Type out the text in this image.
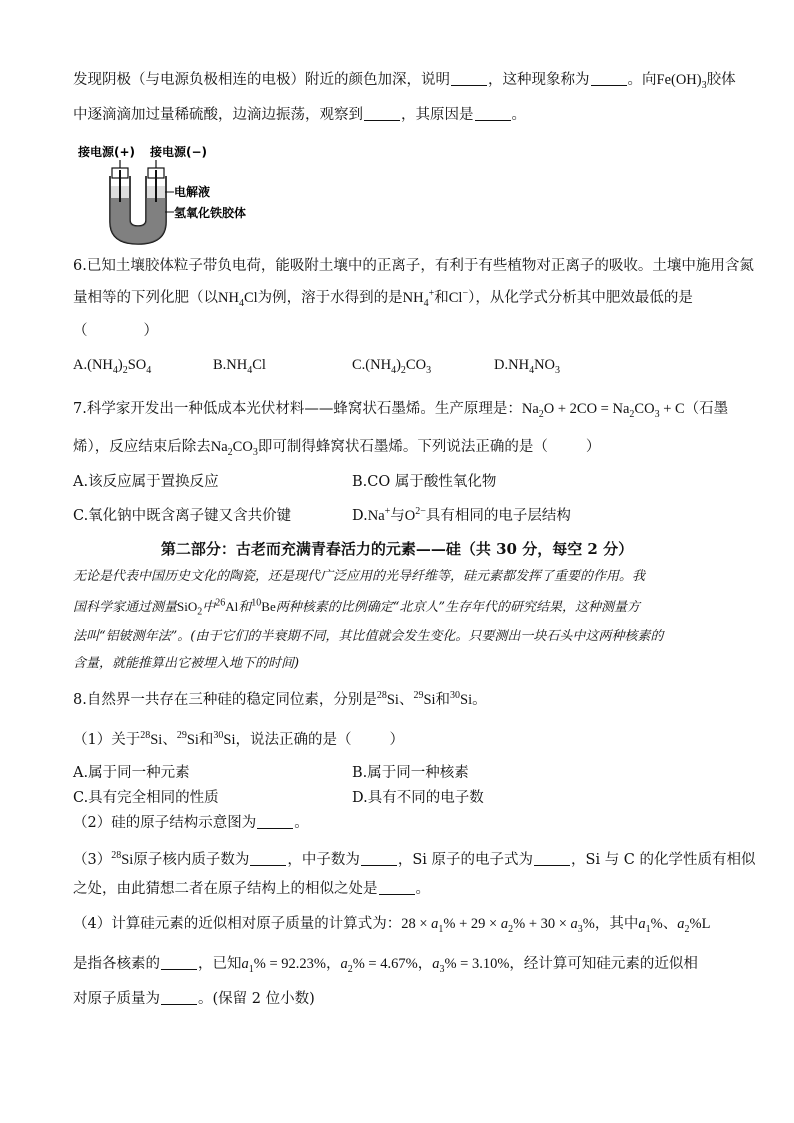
发现阴极（与电源负极相连的电极）附近的颜色加深，说明	，这种现象称为	。向$Fe(OH)_3$胶体
中逐滴滴加过量稀硫酸，边滴边振荡，观察到	，其原因是	。
接电源(+) 接电源(−)
电解液
氢氧化铁胶体
6.已知土壤胶体粒子带负电荷，能吸附土壤中的正离子，有利于有些植物对正离子的吸收。土壤中施用含氮
量相等的下列化肥（以$NH_4Cl$为例，溶于水得到的是$NH_4^+$和Cl−），从化学式分析其中肥效最低的是
（	）
$A.(NH_4)_2SO_4$	$B.NH_4Cl$	$C.(NH_4)_2CO_3$	$D.NH_4NO_3$
7.科学家开发出一种低成本光伏材料——蜂窝状石墨烯。生产原理是：$Na_2O + 2CO = Na_2CO_3 + C$（石墨
烯），反应结束后除去$Na_2CO_3$即可制得蜂窝状石墨烯。下列说法正确的是（	）
A.该反应属于置换反应	B.CO 属于酸性氧化物
C.氧化钠中既含离子键又含共价键	D.Na+与$O^{2-}$具有相同的电子层结构
第二部分：古老而充满青春活力的元素——硅（共 30 分，每空 2 分）
无论是代表中国历史文化的陶瓷，还是现代广泛应用的光导纤维等，硅元素都发挥了重要的作用。我
国科学家通过测量SiO$_2$中$^{26}$Al和$^{10}$Be两种核素的比例确定“北京人”生存年代的研究结果，这种测量方
法叫“铝铍测年法”。(由于它们的半衰期不同，其比值就会发生变化。只要测出一块石头中这两种核素的
含量，就能推算出它被埋入地下的时间)
8.自然界一共存在三种硅的稳定同位素，分别是$^{28}$Si、$^{29}$Si和$^{30}$Si。
（1）关于$^{28}$Si、$^{29}$Si和$^{30}$Si，说法正确的是（	）
A.属于同一种元素	B.属于同一种核素
C.具有完全相同的性质	D.具有不同的电子数
（2）硅的原子结构示意图为	。
$(3)^{28}Si$原子核内质子数为	，中子数为	，Si 原子的电子式为	，Si 与 C 的化学性质有相似
之处，由此猜想二者在原子结构上的相似之处是	。
（4）计算硅元素的近似相对原子质量的计算式为：$28 \times a_1\% + 29 \times a_2\% + 30 \times a_3\%$，其中$a_1\%$、$a_2\%L$
是指各核素的	，已知$a_1\% = 92.23\%$，$a_2\% = 4.67\%$，$a_3\% = 3.10\%$，经计算可知硅元素的近似相
对原子质量为	。(保留 2 位小数)
